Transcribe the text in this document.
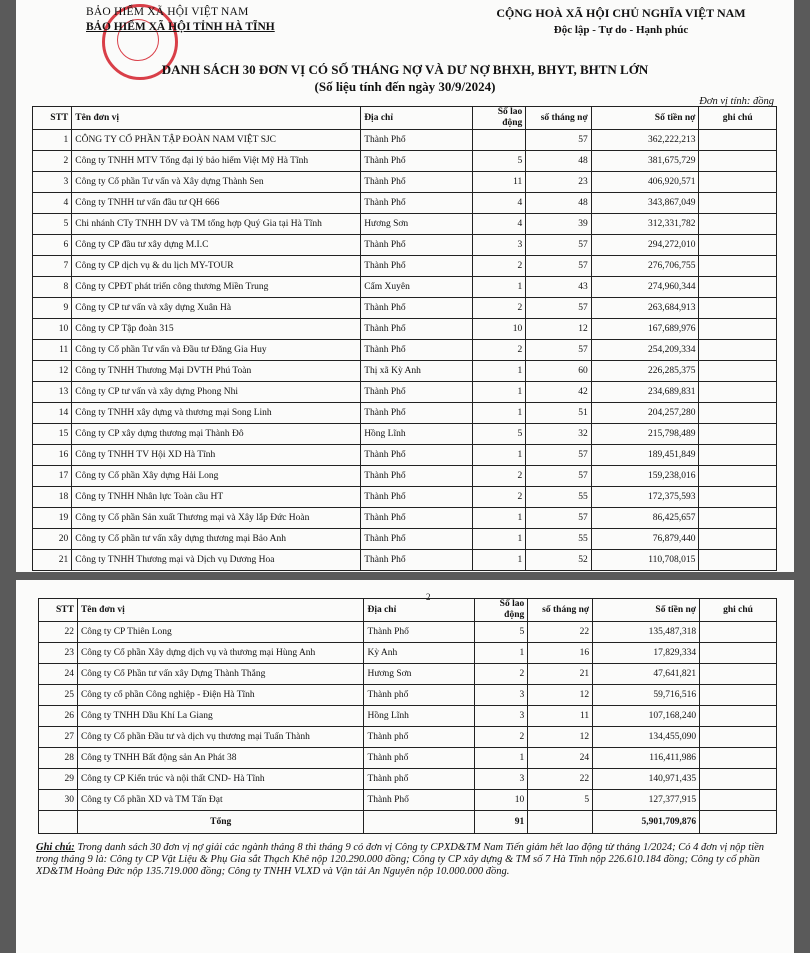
BẢO HIỂM XÃ HỘI VIỆT NAM
BẢO HIỂM XÃ HỘI TỈNH HÀ TĨNH
CỘNG HOÀ XÃ HỘI CHỦ NGHĨA VIỆT NAM
Độc lập - Tự do - Hạnh phúc
DANH SÁCH 30 ĐƠN VỊ CÓ SỐ THÁNG NỢ VÀ DƯ NỢ BHXH, BHYT, BHTN LỚN
(Số liệu tính đến ngày 30/9/2024)
Đơn vị tính: đồng
STT	Tên đơn vị	Địa chỉ	Số lao động	số tháng nợ	Số tiền nợ	ghi chú
1	CÔNG TY CỔ PHẦN TẬP ĐOÀN NAM VIỆT SJC	Thành Phố		57	362,222,213	
2	Công ty TNHH MTV Tổng đại lý bảo hiểm Việt Mỹ Hà Tĩnh	Thành Phố	5	48	381,675,729	
3	Công ty Cổ phần Tư vấn và Xây dựng Thành Sen	Thành Phố	11	23	406,920,571	
4	Công ty TNHH tư vấn đầu tư QH 666	Thành Phố	4	48	343,867,049	
5	Chi nhánh CTy TNHH DV và TM tổng hợp Quý Gia tại Hà Tĩnh	Hương Sơn	4	39	312,331,782	
6	Công ty CP đầu tư xây dựng M.I.C	Thành Phố	3	57	294,272,010	
7	Công ty CP dịch vụ & du lịch MY-TOUR	Thành Phố	2	57	276,706,755	
8	Công ty CPĐT phát triển công thương Miền Trung	Cẩm Xuyên	1	43	274,960,344	
9	Công ty CP tư vấn và xây dựng Xuân Hà	Thành Phố	2	57	263,684,913	
10	Công ty CP Tập đoàn 315	Thành Phố	10	12	167,689,976	
11	Công ty Cổ phần Tư vấn và Đầu tư Đăng Gia Huy	Thành Phố	2	57	254,209,334	
12	Công ty TNHH Thương Mại DVTH Phú Toàn	Thị xã Kỳ Anh	1	60	226,285,375	
13	Công ty CP tư vấn và xây dựng Phong Nhi	Thành Phố	1	42	234,689,831	
14	Công ty TNHH xây dựng và thương mại Song Linh	Thành Phố	1	51	204,257,280	
15	Công ty CP xây dựng thương mại Thành Đô	Hồng Lĩnh	5	32	215,798,489	
16	Công ty TNHH TV Hội XD Hà Tĩnh	Thành Phố	1	57	189,451,849	
17	Công ty Cổ phần Xây dựng Hải Long	Thành Phố	2	57	159,238,016	
18	Công ty TNHH Nhân lực Toàn cầu HT	Thành Phố	2	55	172,375,593	
19	Công ty Cổ phần Sản xuất Thương mại và Xây lắp Đức Hoàn	Thành Phố	1	57	86,425,657	
20	Công ty Cổ phần tư vấn xây dựng thương mại Bảo Anh	Thành Phố	1	55	76,879,440	
21	Công ty TNHH Thương mại và Dịch vụ Dương Hoa	Thành Phố	1	52	110,708,015	
2
STT	Tên đơn vị	Địa chỉ	Số lao động	số tháng nợ	Số tiền nợ	ghi chú
22	Công ty CP Thiên Long	Thành Phố	5	22	135,487,318	
23	Công ty Cổ phần Xây dựng dịch vụ và thương mại Hùng Anh	Kỳ Anh	1	16	17,829,334	
24	Công ty Cổ Phần tư vấn xây Dựng Thành Thắng	Hương Sơn	2	21	47,641,821	
25	Công ty cổ phần Công nghiệp - Điện Hà Tĩnh	Thành phố	3	12	59,716,516	
26	Công ty TNHH Dầu Khí La Giang	Hồng Lĩnh	3	11	107,168,240	
27	Công ty Cổ phần Đầu tư và dịch vụ thương mại Tuấn Thành	Thành phố	2	12	134,455,090	
28	Công ty TNHH Bất động sản An Phát 38	Thành phố	1	24	116,411,986	
29	Công ty CP Kiến trúc và nội thất CND- Hà Tĩnh	Thành phố	3	22	140,971,435	
30	Công ty Cổ phần XD và TM Tấn Đạt	Thành Phố	10	5	127,377,915	
	Tổng		91		5,901,709,876	
Ghi chú: Trong danh sách 30 đơn vị nợ giải các ngành tháng 8 thì tháng 9 có đơn vị Công ty CPXD&TM Nam Tiến giảm hết lao động từ tháng 1/2024; Có 4 đơn vị nộp tiền trong tháng 9 là: Công ty CP Vật Liệu & Phụ Gia sắt Thạch Khê nộp 120.290.000 đồng; Công ty CP xây dựng & TM số 7 Hà Tĩnh nộp 226.610.184 đồng; Công ty cổ phần XD&TM Hoàng Đức nộp 135.719.000 đồng; Công ty TNHH VLXD và Vận tải An Nguyên nộp 10.000.000 đồng.
